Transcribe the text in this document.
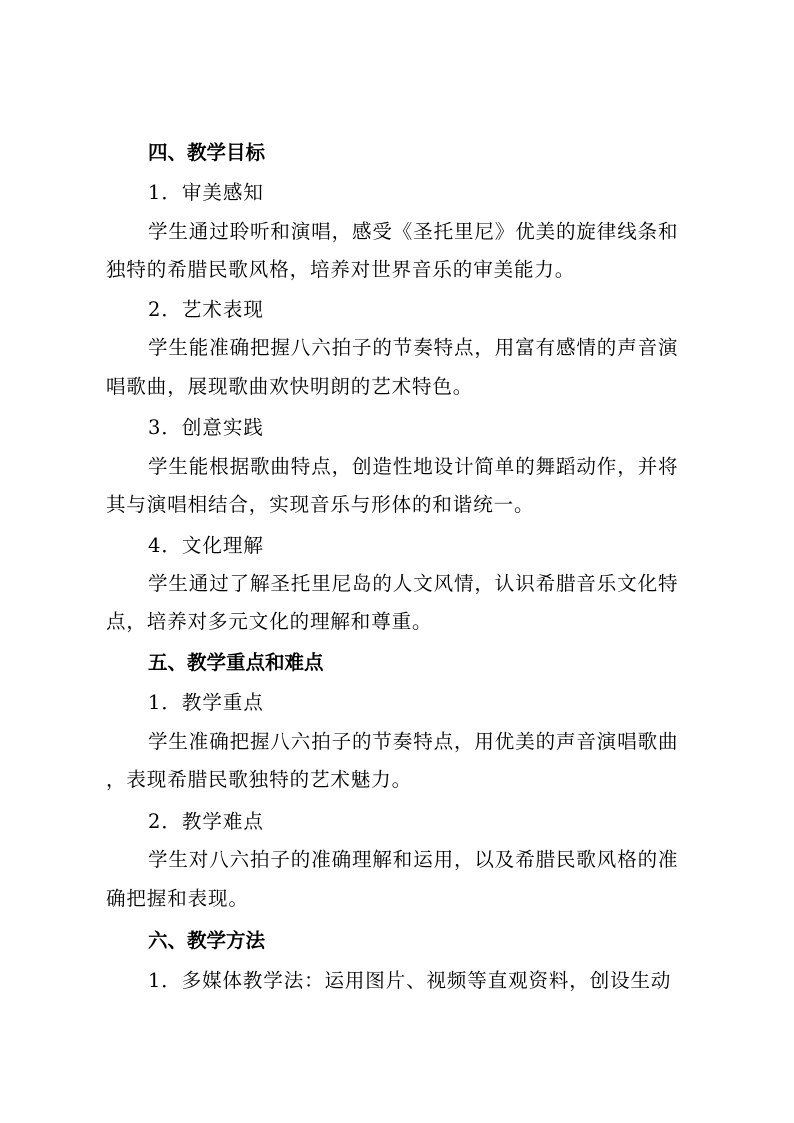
四、教学目标
1．审美感知
学生通过聆听和演唱，感受《圣托里尼》优美的旋律线条和
独特的希腊民歌风格，培养对世界音乐的审美能力。
2．艺术表现
学生能准确把握八六拍子的节奏特点，用富有感情的声音演
唱歌曲，展现歌曲欢快明朗的艺术特色。
3．创意实践
学生能根据歌曲特点，创造性地设计简单的舞蹈动作，并将
其与演唱相结合，实现音乐与形体的和谐统一。
4．文化理解
学生通过了解圣托里尼岛的人文风情，认识希腊音乐文化特
点，培养对多元文化的理解和尊重。
五、教学重点和难点
1．教学重点
学生准确把握八六拍子的节奏特点，用优美的声音演唱歌曲
，表现希腊民歌独特的艺术魅力。
2．教学难点
学生对八六拍子的准确理解和运用，以及希腊民歌风格的准
确把握和表现。
六、教学方法
1．多媒体教学法：运用图片、视频等直观资料，创设生动
